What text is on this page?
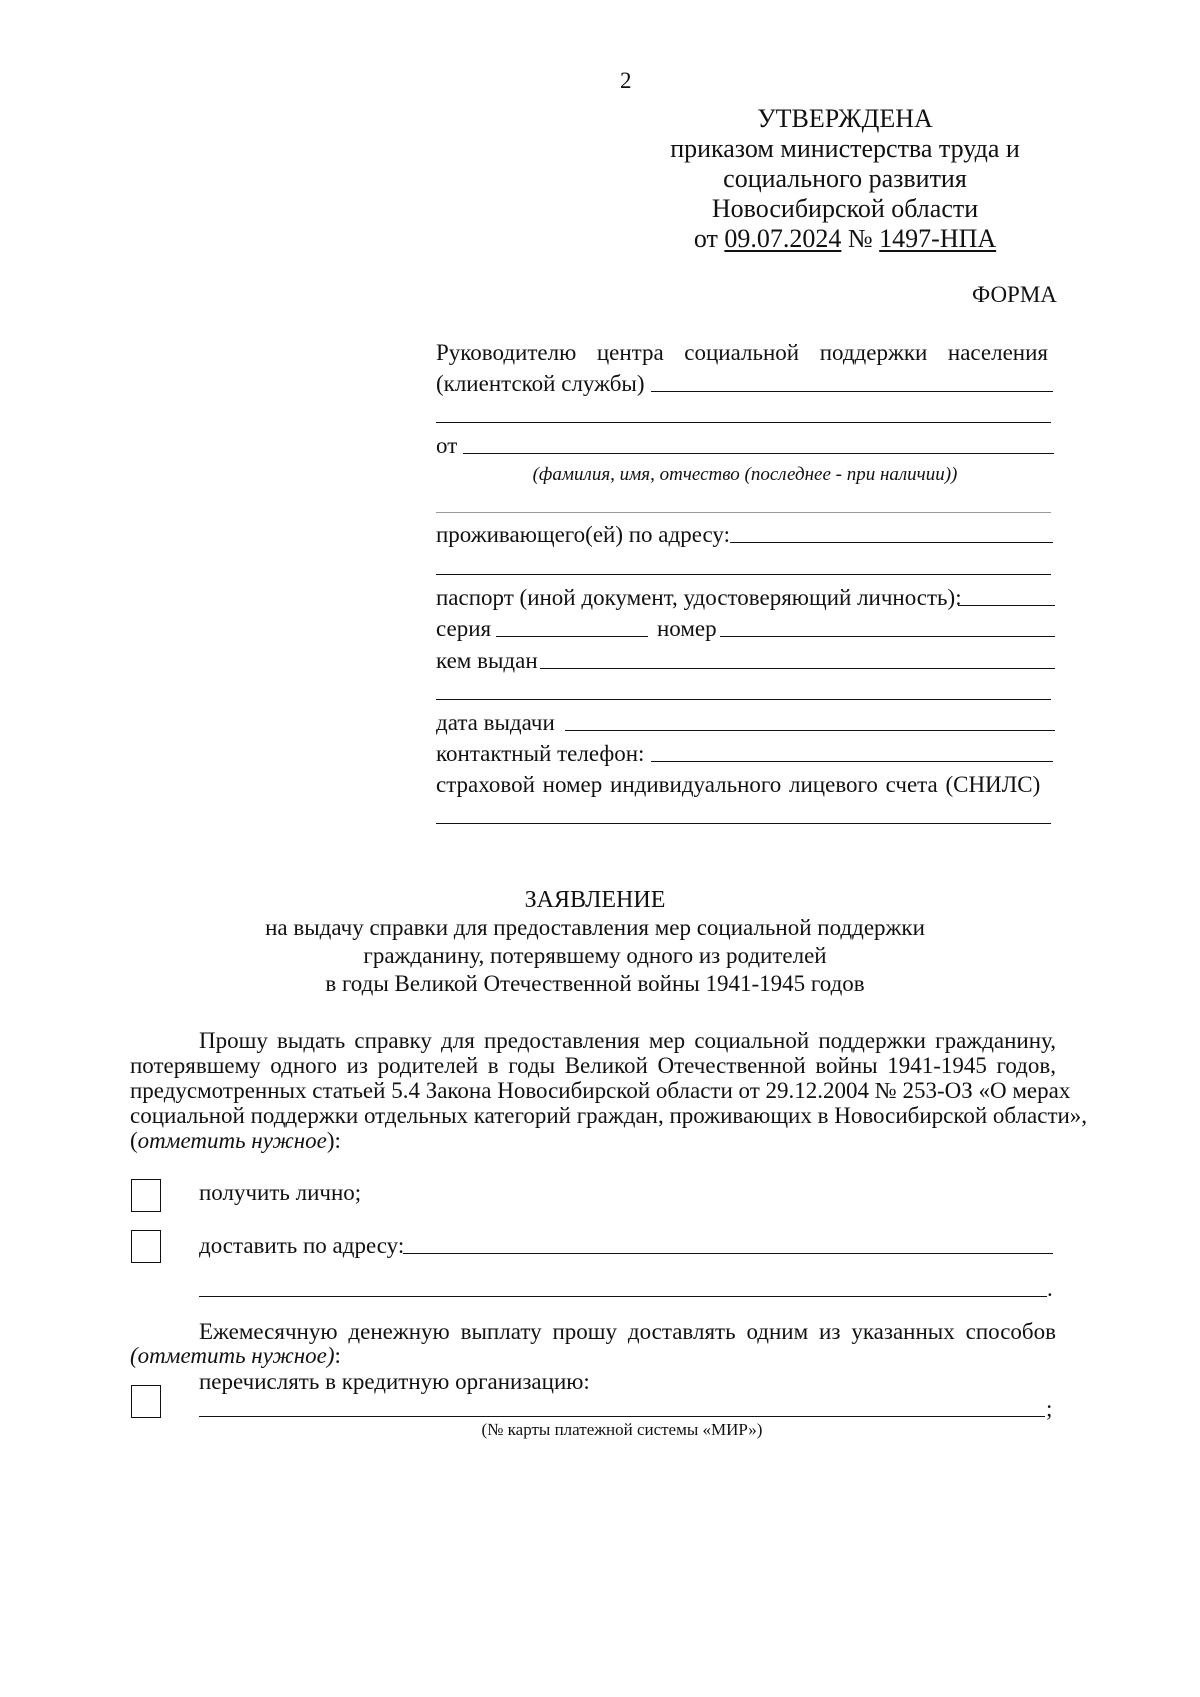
2
УТВЕРЖДЕНА
приказом министерства труда и
социального развития
Новосибирской области
от 09.07.2024 № 1497-НПА
ФОРМА
Руководителю центра социальной поддержки населения
(клиентской службы)
от
(фамилия, имя, отчество (последнее - при наличии))
проживающего(ей) по адресу:
паспорт (иной документ, удостоверяющий личность):
серия	номер
кем выдан
дата выдачи
контактный телефон:
страховой номер индивидуального лицевого счета (СНИЛС)
ЗАЯВЛЕНИЕ
на выдачу справки для предоставления мер социальной поддержки
гражданину, потерявшему одного из родителей
в годы Великой Отечественной войны 1941-1945 годов
Прошу выдать справку для предоставления мер социальной поддержки гражданину,
потерявшему одного из родителей в годы Великой Отечественной войны 1941-1945 годов,
предусмотренных статьей 5.4 Закона Новосибирской области от 29.12.2004 № 253-ОЗ «О мерах
социальной поддержки отдельных категорий граждан, проживающих в Новосибирской области»,
(отметить нужное):
получить лично;
доставить по адресу:
.
Ежемесячную денежную выплату прошу доставлять одним из указанных способов
(отметить нужное):
перечислять в кредитную организацию:
;
(№ карты платежной системы «МИР»)
